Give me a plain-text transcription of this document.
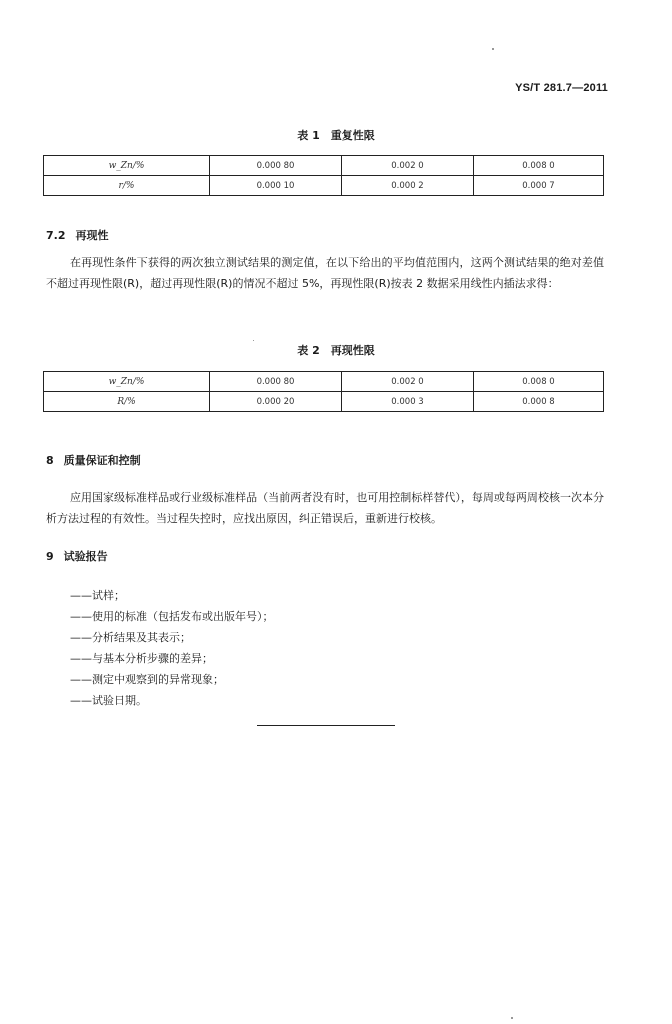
YS/T 281.7—2011
表 1　重复性限
w_Zn/%	0.000 80	0.002 0	0.008 0
r/%	0.000 10	0.000 2	0.000 7
7.2 再现性
在再现性条件下获得的两次独立测试结果的测定值，在以下给出的平均值范围内，这两个测试结果的绝对差值不超过再现性限(R)，超过再现性限(R)的情况不超过 5%，再现性限(R)按表 2 数据采用线性内插法求得：
表 2　再现性限
w_Zn/%	0.000 80	0.002 0	0.008 0
R/%	0.000 20	0.000 3	0.000 8
8 质量保证和控制
应用国家级标准样品或行业级标准样品（当前两者没有时，也可用控制标样替代），每周或每两周校核一次本分析方法过程的有效性。当过程失控时，应找出原因，纠正错误后，重新进行校核。
9 试验报告
——试样；
——使用的标准（包括发布或出版年号）；
——分析结果及其表示；
——与基本分析步骤的差异；
——测定中观察到的异常现象；
——试验日期。
